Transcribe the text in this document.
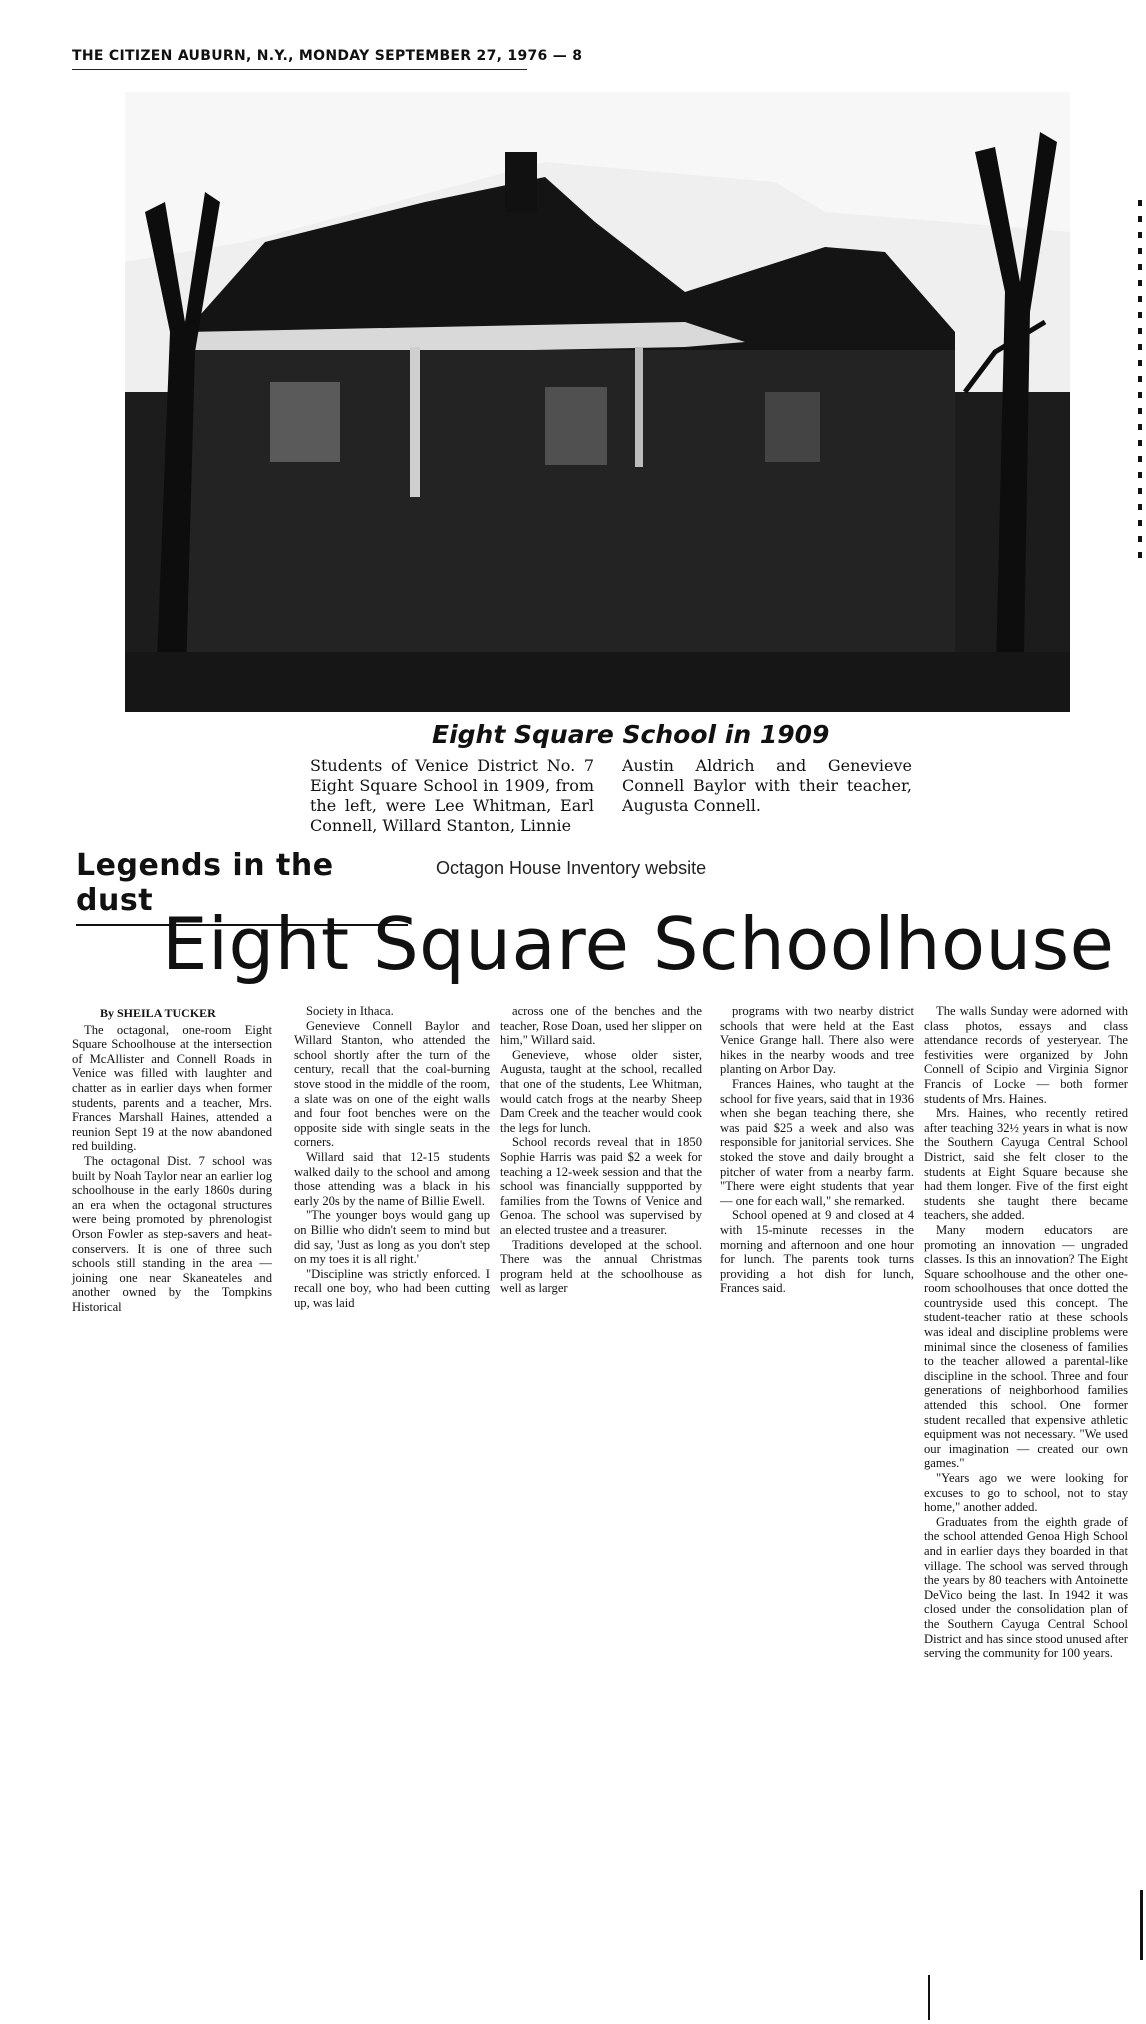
THE CITIZEN AUBURN, N.Y., MONDAY SEPTEMBER 27, 1976 — 8
Eight Square School in 1909
Students of Venice District No. 7 Eight Square School in 1909, from the left, were Lee Whitman, Earl Connell, Willard Stanton, Linnie
Austin Aldrich and Genevieve Connell Baylor with their teacher, Augusta Connell.
Legends in the dust
Octagon House Inventory website
Eight Square Schoolhouse

By SHEILA TUCKER

The octagonal, one-room Eight Square Schoolhouse at the intersection of McAllister and Connell Roads in Venice was filled with laughter and chatter as in earlier days when former students, parents and a teacher, Mrs. Frances Marshall Haines, attended a reunion Sept 19 at the now abandoned red building.

The octagonal Dist. 7 school was built by Noah Taylor near an earlier log schoolhouse in the early 1860s during an era when the octagonal structures were being promoted by phrenologist Orson Fowler as step-savers and heat-conservers. It is one of three such schools still standing in the area — joining one near Skaneateles and another owned by the Tompkins Historical

Society in Ithaca.

Genevieve Connell Baylor and Willard Stanton, who attended the school shortly after the turn of the century, recall that the coal-burning stove stood in the middle of the room, a slate was on one of the eight walls and four foot benches were on the opposite side with single seats in the corners.

Willard said that 12-15 students walked daily to the school and among those attending was a black in his early 20s by the name of Billie Ewell.

"The younger boys would gang up on Billie who didn't seem to mind but did say, 'Just as long as you don't step on my toes it is all right.'

"Discipline was strictly enforced. I recall one boy, who had been cutting up, was laid

across one of the benches and the teacher, Rose Doan, used her slipper on him," Willard said.

Genevieve, whose older sister, Augusta, taught at the school, recalled that one of the students, Lee Whitman, would catch frogs at the nearby Sheep Dam Creek and the teacher would cook the legs for lunch.

School records reveal that in 1850 Sophie Harris was paid $2 a week for teaching a 12-week session and that the school was financially suppported by families from the Towns of Venice and Genoa. The school was supervised by an elected trustee and a treasurer.

Traditions developed at the school. There was the annual Christmas program held at the schoolhouse as well as larger

programs with two nearby district schools that were held at the East Venice Grange hall. There also were hikes in the nearby woods and tree planting on Arbor Day.

Frances Haines, who taught at the school for five years, said that in 1936 when she began teaching there, she was paid $25 a week and also was responsible for janitorial services. She stoked the stove and daily brought a pitcher of water from a nearby farm. "There were eight students that year — one for each wall," she remarked.

School opened at 9 and closed at 4 with 15-minute recesses in the morning and afternoon and one hour for lunch. The parents took turns providing a hot dish for lunch, Frances said.

The walls Sunday were adorned with class photos, essays and class attendance records of yesteryear. The festivities were organized by John Connell of Scipio and Virginia Signor Francis of Locke — both former students of Mrs. Haines.

Mrs. Haines, who recently retired after teaching 32½ years in what is now the Southern Cayuga Central School District, said she felt closer to the students at Eight Square because she had them longer. Five of the first eight students she taught there became teachers, she added.

Many modern educators are promoting an innovation — ungraded classes. Is this an innovation? The Eight Square schoolhouse and the other one-room schoolhouses that once dotted the countryside used this concept. The student-teacher ratio at these schools was ideal and discipline problems were minimal since the closeness of families to the teacher allowed a parental-like discipline in the school. Three and four generations of neighborhood families attended this school. One former student recalled that expensive athletic equipment was not necessary. "We used our imagination — created our own games."

"Years ago we were looking for excuses to go to school, not to stay home," another added.

Graduates from the eighth grade of the school attended Genoa High School and in earlier days they boarded in that village. The school was served through the years by 80 teachers with Antoinette DeVico being the last. In 1942 it was closed under the consolidation plan of the Southern Cayuga Central School District and has since stood unused after serving the community for 100 years.
